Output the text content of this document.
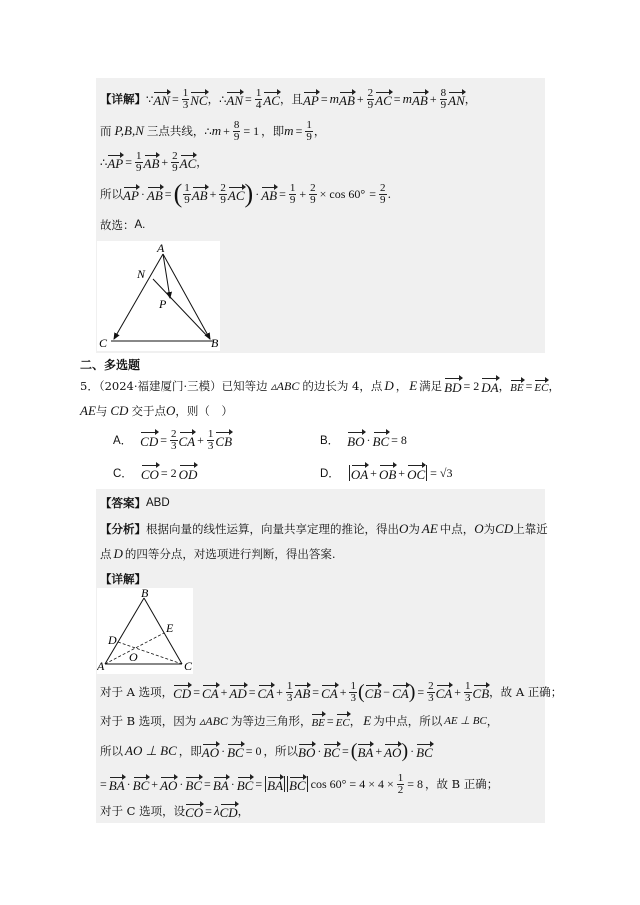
【详解】 ∵ AN = $\frac{1}{3}$ NC ， ∴ AN = $\frac{1}{4}$ AC ，且 AP = m AB + $\frac{2}{9}$ AC = m AB + $\frac{8}{9}$ AN ，
而 P,B,N 三点共线， ∴ $m + \frac{8}{9} = 1$ ，即 $m = \frac{1}{9}$ ，
∴ AP = $\frac{1}{9}$ AB + $\frac{2}{9}$ AC ，
所以 AP · AB = ( $\frac{1}{9}$ AB + $\frac{2}{9}$ AC ) · AB = $\frac{1}{9} + \frac{2}{9} \times \cos 60^\circ = \frac{2}{9}$ .
故选： A.
A
N
P
C	B
二、多选题
5．（2024·福建厦门·三模）已知等边 ▵ABC 的边长为 4，点 D ， E 满足 BD = 2 DA ， BE = EC ，
AE 与 CD 交于点 O ，则（　）
A． CD = $\frac{2}{3}$ CA + $\frac{1}{3}$ CB	B． BO · BC = 8
C． CO = 2 OD	D． OA + OB + OC = √3
【答案】 ABD
【分析】 根据向量的线性运算，向量共享定理的推论，得出 O 为 AE 中点， O 为 CD 上靠近
点 D 的四等分点，对选项进行判断，得出答案.
【详解】
B
E
D
O
A	C
对于 A 选项， CD = CA + AD = CA + $\frac{1}{3}$ AB = CA + $\frac{1}{3}$ ( CB − CA ) = $\frac{2}{3}$ CA + $\frac{1}{3}$ CB ，故 A 正确；
对于 B 选项，因为 ▵ABC 为等边三角形， BE = EC ， E 为中点，所以 AE ⊥ BC ，
所以 AO ⊥ BC ，即 AO · BC = 0 ，所以 BO · BC = ( BA + AO ) · BC
= BA · BC + AO · BC = BA · BC = BA BC $\cos 60^\circ = 4 \times 4 \times \frac{1}{2} = 8$ ，故 B 正确；
对于 C 选项，设 CO = λ CD ，
